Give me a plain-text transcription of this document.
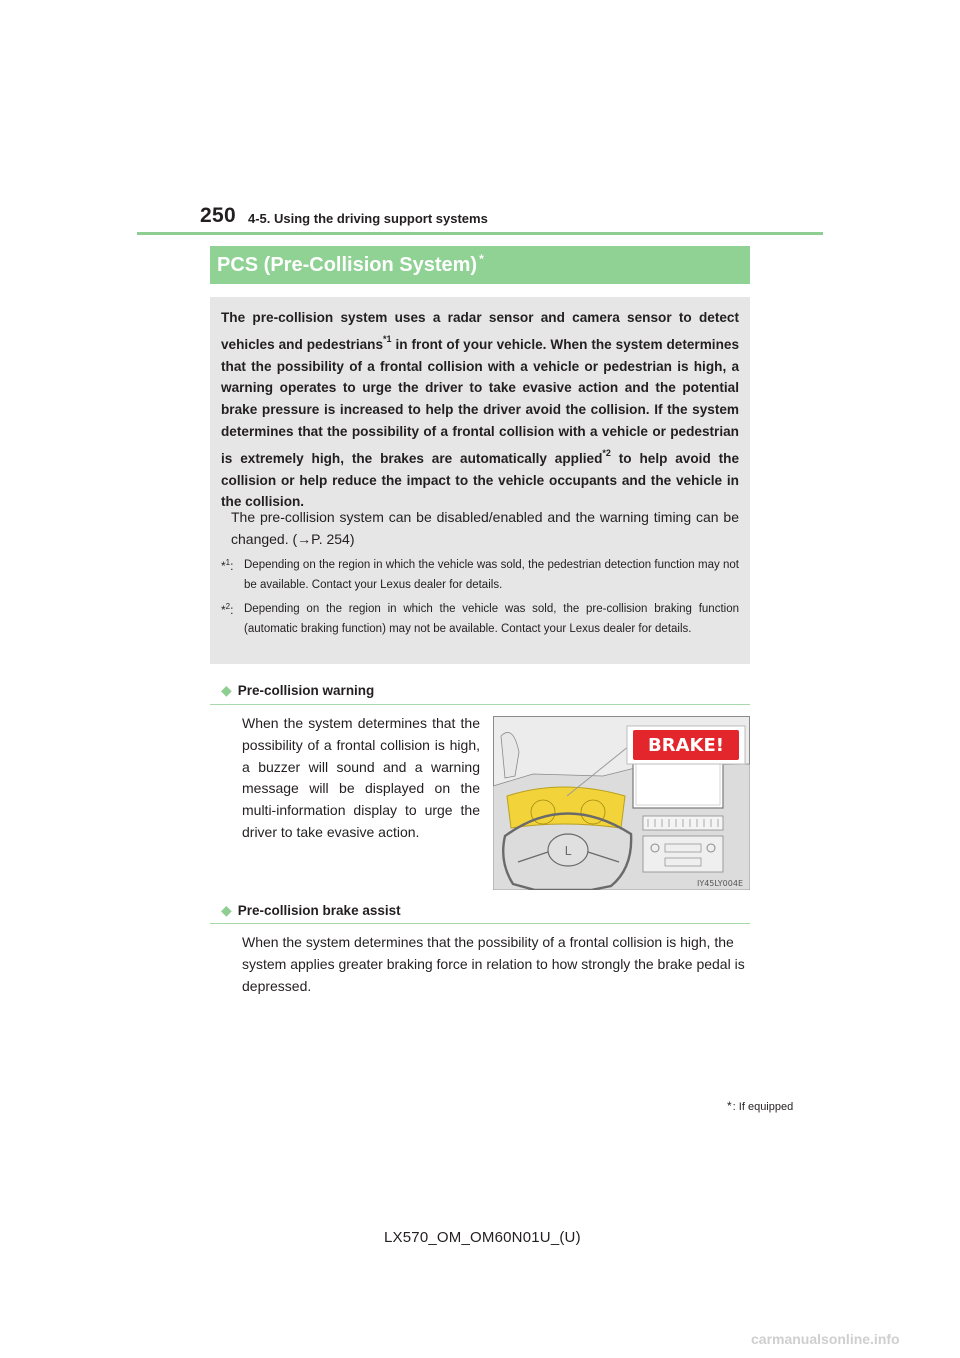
250 4-5. Using the driving support systems
PCS (Pre-Collision System) *
The pre-collision system uses a radar sensor and camera sensor to detect vehicles and pedestrians$^{*1}$ in front of your vehicle. When the system determines that the possibility of a frontal collision with a vehicle or pedestrian is high, a warning operates to urge the driver to take evasive action and the potential brake pressure is increased to help the driver avoid the collision. If the system determines that the possibility of a frontal collision with a vehicle or pedestrian is extremely high, the brakes are automatically applied$^{*2}$ to help avoid the collision or help reduce the impact to the vehicle occupants and the vehicle in the collision.
The pre-collision system can be disabled/enabled and the warning timing can be changed. (→P. 254)
*$^1$: Depending on the region in which the vehicle was sold, the pedestrian detection function may not be available. Contact your Lexus dealer for details.
*$^2$: Depending on the region in which the vehicle was sold, the pre-collision braking function (automatic braking function) may not be available. Contact your Lexus dealer for details.
◆ Pre-collision warning
When the system determines that the possibility of a frontal collision is high, a buzzer will sound and a warning message will be displayed on the multi-information display to urge the driver to take evasive action.
L
BRAKE!
IY45LY004E
◆ Pre-collision brake assist
When the system determines that the possibility of a frontal collision is high, the system applies greater braking force in relation to how strongly the brake pedal is depressed.
*: If equipped
LX570_OM_OM60N01U_(U)
carmanualsonline.info
